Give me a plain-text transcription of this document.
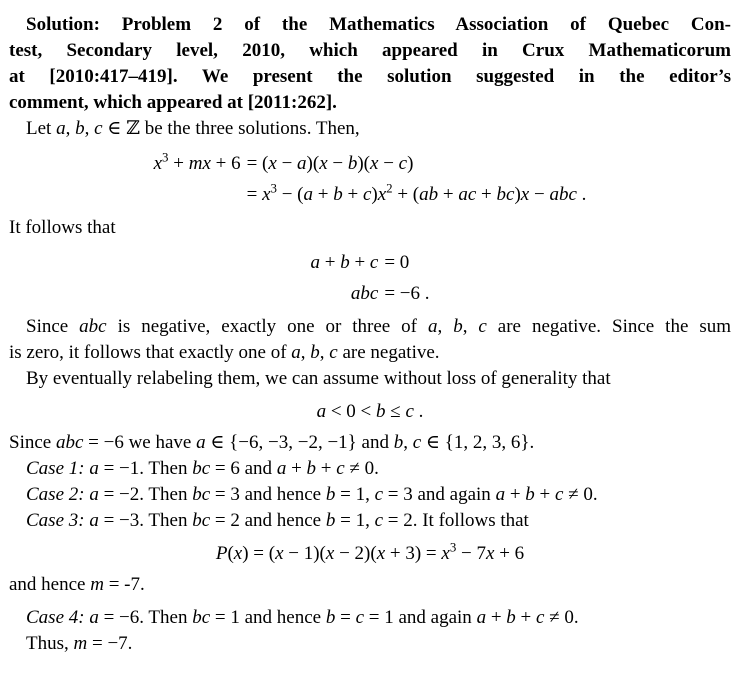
Solution: Problem 2 of the Mathematics Association of Quebec Con-
test, Secondary level, 2010, which appeared in Crux Mathematicorum
at [2010:417–419]. We present the solution suggested in the editor’s
comment, which appeared at [2011:262].
Let a, b, c ∈ ℤ be the three solutions. Then,
$x^3$ + mx + 6	= (x − a)(x − b)(x − c)
	= $x^3 - (a + b + c)x^2 + (ab$ + ac + bc)x − abc .
It follows that
a + b + c	= 0
abc	= −6 .
Since abc is negative, exactly one or three of a, b, c are negative. Since the sum
is zero, it follows that exactly one of a, b, c are negative.
By eventually relabeling them, we can assume without loss of generality that
a < 0 < b ≤ c .
Since abc = −6 we have a ∈ {−6, −3, −2, −1} and b, c ∈ {1, 2, 3, 6}.
Case 1: a = −1. Then bc = 6 and a + b + c ≠ 0.
Case 2: a = −2. Then bc = 3 and hence b = 1, c = 3 and again a + b + c ≠ 0.
Case 3: a = −3. Then bc = 2 and hence b = 1, c = 2. It follows that
$P(x) = (x - 1)(x - 2)(x + 3) = x^3 - 7x + 6$
and hence m = -7.
Case 4: a = −6. Then bc = 1 and hence b = c = 1 and again a + b + c ≠ 0.
Thus, m = −7.
